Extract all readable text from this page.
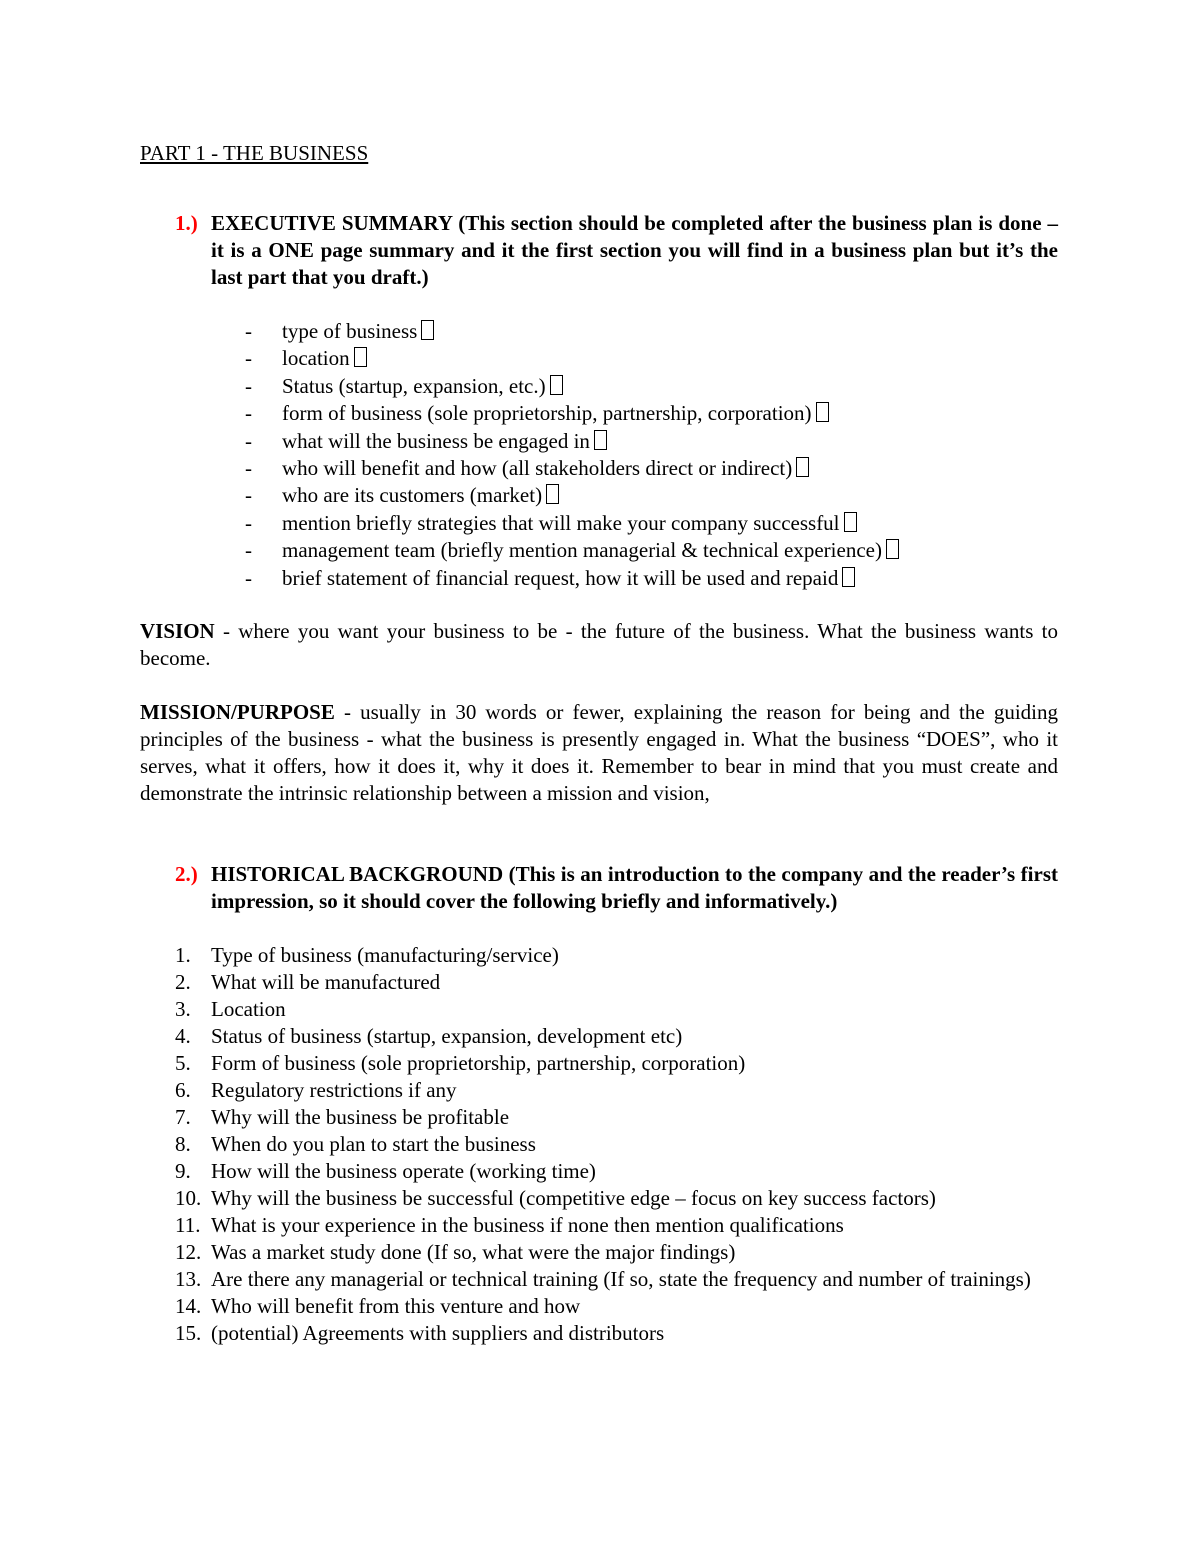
PART 1 - THE BUSINESS

1.) EXECUTIVE SUMMARY (This section should be completed after the business plan is done – it is a ONE page summary and it the first section you will find in a business plan but it’s the last part that you draft.)
- type of business
- location
- Status (startup, expansion, etc.)
- form of business (sole proprietorship, partnership, corporation)
- what will the business be engaged in
- who will benefit and how (all stakeholders direct or indirect)
- who are its customers (market)
- mention briefly strategies that will make your company successful
- management team (briefly mention managerial & technical experience)
- brief statement of financial request, how it will be used and repaid

VISION - where you want your business to be - the future of the business. What the business wants to become.

MISSION/PURPOSE - usually in 30 words or fewer, explaining the reason for being and the guiding principles of the business - what the business is presently engaged in. What the business “DOES”, who it serves, what it offers, how it does it, why it does it. Remember to bear in mind that you must create and demonstrate the intrinsic relationship between a mission and vision,

2.) HISTORICAL BACKGROUND (This is an introduction to the company and the reader’s first impression, so it should cover the following briefly and informatively.)
1. Type of business (manufacturing/service)
2. What will be manufactured
3. Location
4. Status of business (startup, expansion, development etc)
5. Form of business (sole proprietorship, partnership, corporation)
6. Regulatory restrictions if any
7. Why will the business be profitable
8. When do you plan to start the business
9. How will the business operate (working time)
10. Why will the business be successful (competitive edge – focus on key success factors)
11. What is your experience in the business if none then mention qualifications
12. Was a market study done (If so, what were the major findings)
13. Are there any managerial or technical training (If so, state the frequency and number of trainings)
14. Who will benefit from this venture and how
15. (potential) Agreements with suppliers and distributors
